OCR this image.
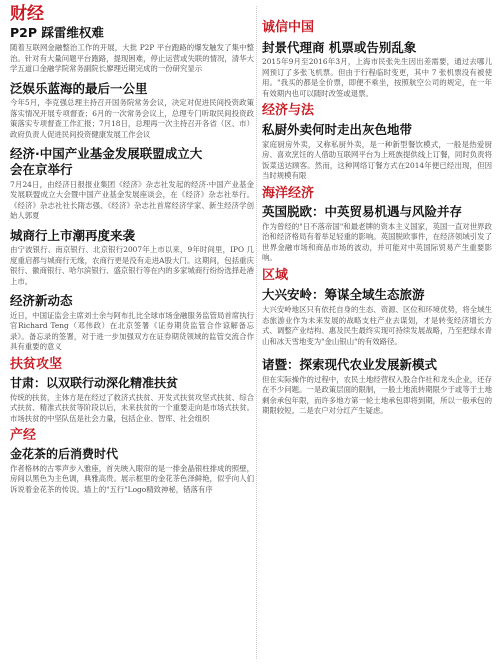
财经
P2P 踩雷维权难

随着互联网金融整治工作的开展，大批 P2P 平台跑路的爆发触发了集中整治。针对有大量问题平台跑路，提现困难，停止运营或失联的情况，清华大学五道口金融学院常务副院长廖理近期完成的一份研究显示

泛娱乐蓝海的最后一公里

今年5月，李克强总理主持召开国务院常务会议，决定对促进民间投资政策落实情况开展专项督查；6月的一次常务会议上，总理专门听取民间投资政策落实专项督查工作汇报；7月18日，总理再一次主持召开各省（区、市）政府负责人促进民间投资健康发展工作会议

经济·中国产业基金发展联盟成立大会在京举行

7月24日，由经济日报报业集团《经济》杂志社发起的经济·中国产业基金发展联盟成立大会暨中国产业基金发展座谈会，在《经济》杂志社举行。《经济》杂志社社长隋志强、《经济》杂志社首席经济学家、新生经济学创始人郭夏

城商行上市潮再度来袭

由宁波银行、南京银行、北京银行2007年上市以来，9年时间里，IPO 几度重启都与城商行无缘，农商行更是没有走进A股大门。这期间，包括重庆银行、徽商银行、哈尔滨银行、盛京银行等在内的多家城商行纷纷选择赴港上市。

经济新动态

近日，中国证监会主席刘士余与阿布扎比全球市场金融服务监管局首席执行官Richard Teng（邓伟政）在北京签署《证券期货监管合作谅解备忘录》。备忘录的签署，对于进一步加强双方在证券期货领域的监管交流合作具有重要的意义

扶贫攻坚
甘肃：以双联行动深化精准扶贫

传统的扶贫，主体方是在经过了救济式扶贫、开发式扶贫攻坚式扶贫、综合式扶贫、精准式扶贫等阶段以后，未来扶贫的一个重要走向是市场式扶贫。市场扶贫的中坚队伍是社会力量，包括企业、智库、社会组织

产经
金花茶的后消费时代

作者格林的古零声步入雅座，首先映入眼帘的是一排金晶银柱排成的照壁，房间以黑色为主色调，典雅高贵。展示框里的金花茶色泽鲜艳，似乎向人们诉说着金花茶的传说。墙上的"五行"Logo精致神秘，错落有序

诚信中国
封景代理商 机票或告别乱象

2015年9月至2016年3月，上海市民张先生因出差需要，通过去哪儿网预订了多张飞机票。但由于行程临时变更，其中 7 张机票没有被使用。"我买的都是全价票，即便不乘坐，按照航空公司的规定，在一年有效期内也可以随时改签或退票。

经济与法
私厨外卖何时走出灰色地带

家庭厨房外卖，又称私厨外卖，是一种新型餐饮模式，一般是热爱厨房、喜欢烹饪的人借助互联网平台为上班族提供线上订餐，同时负责将饭菜送达顾客。然而，这种网络订餐方式在2014年便已经出现，但因当时规模有限

海洋经济
英国脱欧：中英贸易机遇与风险并存

作为曾经的"日不落帝国"和最老牌的资本主义国家，英国一直对世界政治和经济格局有着举足轻重的影响。英国脱欧事件，在经济领域引发了世界金融市场和商品市场的波动，并可能对中英国际贸易产生重要影响。

区域
大兴安岭：筹谋全域生态旅游

大兴安岭地区只有依托自身的生态、资源、区位和环境优势，将全域生态旅游业作为未来发展的战略支柱产业去谋划，才是转变经济增长方式、调整产业结构、惠及民生最终实现可持续发展战略，乃至把绿水青山和冰天雪地变为"金山银山"的有效路径。

诸暨：探索现代农业发展新模式

但在实际操作的过程中，农民土地经营权入股合作社和龙头企业，还存在不少问题。一是政策层面的限制，一般土地流转期限少于或等于土地剩余承包年限，而许多地方第一轮土地承包即将到期，所以一般承包的期限较短。二是农户对分红产生疑虑。
